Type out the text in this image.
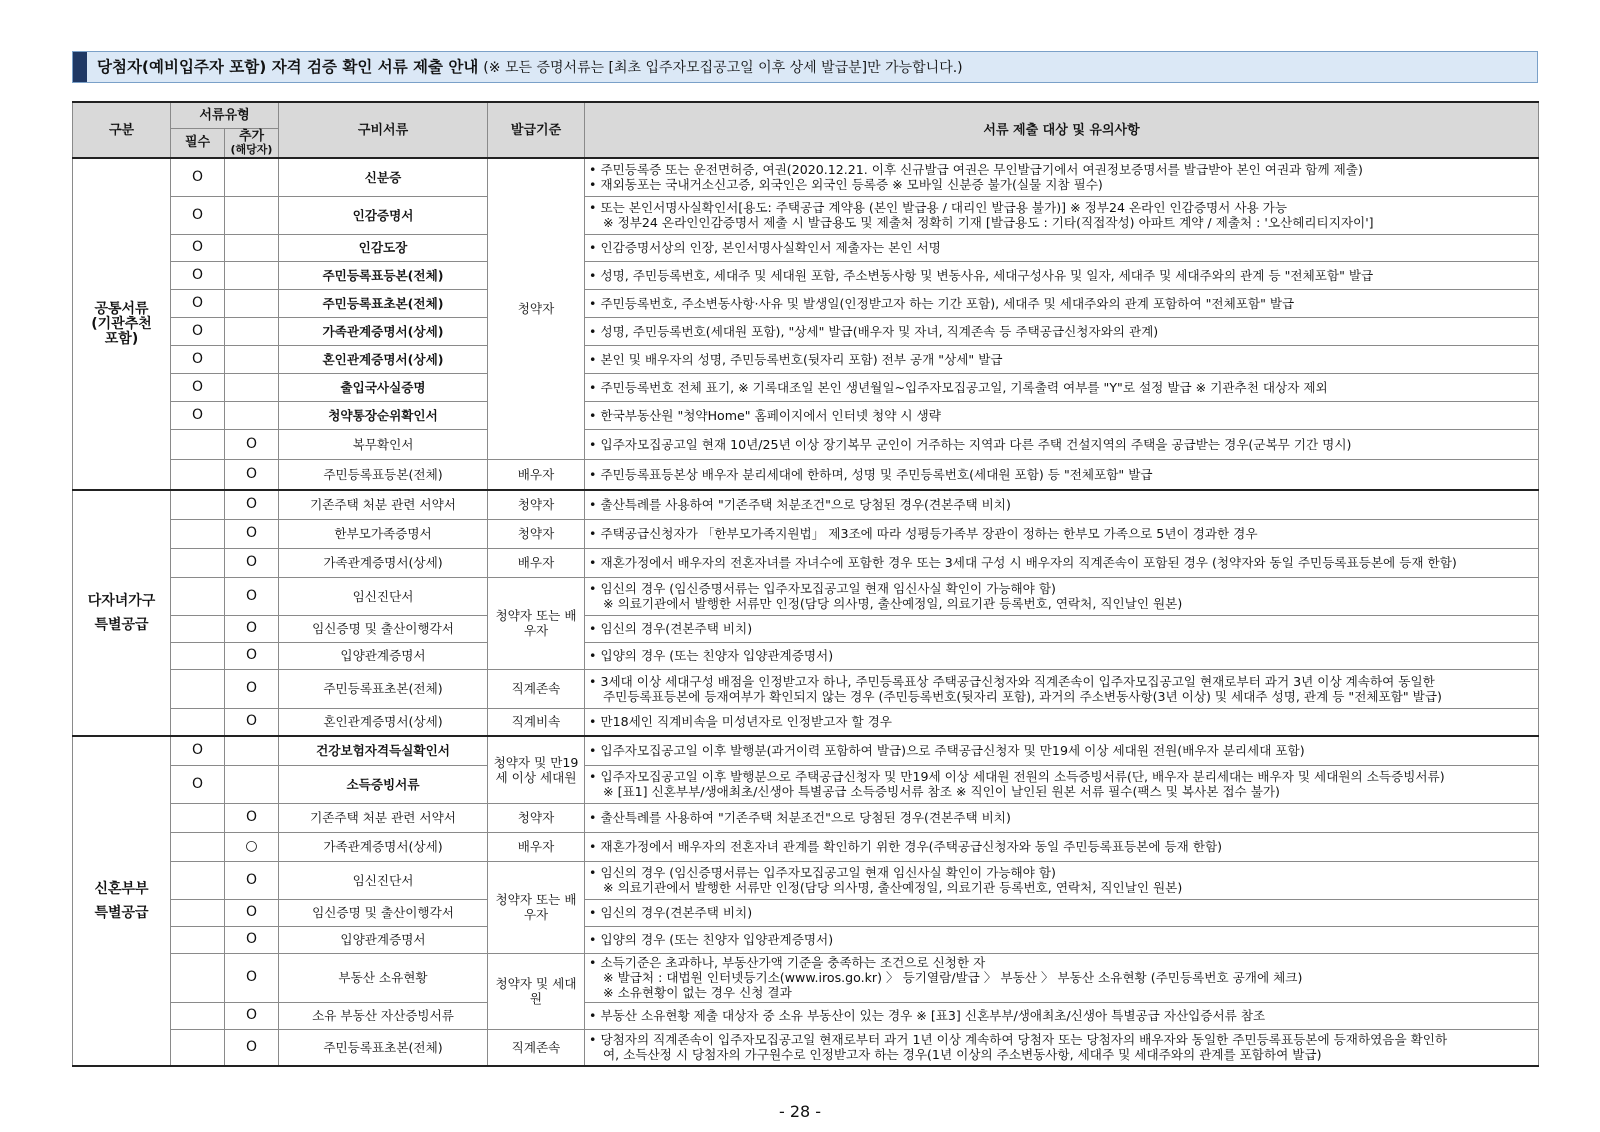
당첨자(예비입주자 포함) 자격 검증 확인 서류 제출 안내 (※ 모든 증명서류는 [최초 입주자모집공고일 이후 상세 발급분]만 가능합니다.)
구분	서류유형		구비서류	발급기준	서류 제출 대상 및 유의사항
	필수	추가
(해당자)			

공통서류
(기관추천
포함)	O		신분증	청약자	• 주민등록증 또는 운전면허증, 여권(2020.12.21. 이후 신규발급 여권은 무인발급기에서 여권정보증명서를 발급받아 본인 여권과 함께 제출)
• 재외동포는 국내거소신고증, 외국인은 외국인 등록증 ※ 모바일 신분증 불가(실물 지참 필수)

	O		인감증명서		• 또는 본인서명사실확인서[용도: 주택공급 계약용 (본인 발급용 / 대리인 발급용 불가)] ※ 정부24 온라인 인감증명서 사용 가능
※ 정부24 온라인인감증명서 제출 시 발급용도 및 제출처 정확히 기재 [발급용도 : 기타(직접작성) 아파트 계약 / 제출처 : '오산헤리티지자이']

	O		인감도장		• 인감증명서상의 인장, 본인서명사실확인서 제출자는 본인 서명

	O		주민등록표등본(전체)		• 성명, 주민등록번호, 세대주 및 세대원 포함, 주소변동사항 및 변동사유, 세대구성사유 및 일자, 세대주 및 세대주와의 관계 등 "전체포함" 발급

	O		주민등록표초본(전체)		• 주민등록번호, 주소변동사항·사유 및 발생일(인정받고자 하는 기간 포함), 세대주 및 세대주와의 관계 포함하여 "전체포함" 발급

	O		가족관계증명서(상세)		• 성명, 주민등록번호(세대원 포함), "상세" 발급(배우자 및 자녀, 직계존속 등 주택공급신청자와의 관계)

	O		혼인관계증명서(상세)		• 본인 및 배우자의 성명, 주민등록번호(뒷자리 포함) 전부 공개 "상세" 발급

	O		출입국사실증명		• 주민등록번호 전체 표기, ※ 기록대조일 본인 생년월일~입주자모집공고일, 기록출력 여부를 "Y"로 설정 발급 ※ 기관추천 대상자 제외

	O		청약통장순위확인서		• 한국부동산원 "청약Home" 홈페이지에서 인터넷 청약 시 생략

		O	복무확인서		• 입주자모집공고일 현재 10년/25년 이상 장기복무 군인이 거주하는 지역과 다른 주택 건설지역의 주택을 공급받는 경우(군복무 기간 명시)

		O	주민등록표등본(전체)	배우자	• 주민등록표등본상 배우자 분리세대에 한하며, 성명 및 주민등록번호(세대원 포함) 등 "전체포함" 발급

다자녀가구
특별공급		O	기존주택 처분 관련 서약서	청약자	• 출산특례를 사용하여 "기존주택 처분조건"으로 당첨된 경우(견본주택 비치)

		O	한부모가족증명서	청약자	• 주택공급신청자가 「한부모가족지원법」 제3조에 따라 성평등가족부 장관이 정하는 한부모 가족으로 5년이 경과한 경우

		O	가족관계증명서(상세)	배우자	• 재혼가정에서 배우자의 전혼자녀를 자녀수에 포함한 경우 또는 3세대 구성 시 배우자의 직계존속이 포함된 경우 (청약자와 동일 주민등록표등본에 등재 한함)

		O	임신진단서	청약자 또는 배우자	• 임신의 경우 (임신증명서류는 입주자모집공고일 현재 임신사실 확인이 가능해야 함)
※ 의료기관에서 발행한 서류만 인정(담당 의사명, 출산예정일, 의료기관 등록번호, 연락처, 직인날인 원본)

		O	임신증명 및 출산이행각서		• 임신의 경우(견본주택 비치)

		O	입양관계증명서		• 입양의 경우 (또는 친양자 입양관계증명서)

		O	주민등록표초본(전체)	직계존속	• 3세대 이상 세대구성 배점을 인정받고자 하나, 주민등록표상 주택공급신청자와 직계존속이 입주자모집공고일 현재로부터 과거 3년 이상 계속하여 동일한
주민등록표등본에 등재여부가 확인되지 않는 경우 (주민등록번호(뒷자리 포함), 과거의 주소변동사항(3년 이상) 및 세대주 성명, 관계 등 "전체포함" 발급)

		O	혼인관계증명서(상세)	직계비속	• 만18세인 직계비속을 미성년자로 인정받고자 할 경우

신혼부부
특별공급	O		건강보험자격득실확인서	청약자 및 만19세 이상 세대원	• 입주자모집공고일 이후 발행분(과거이력 포함하여 발급)으로 주택공급신청자 및 만19세 이상 세대원 전원(배우자 분리세대 포함)

	O		소득증빙서류		• 입주자모집공고일 이후 발행분으로 주택공급신청자 및 만19세 이상 세대원 전원의 소득증빙서류(단, 배우자 분리세대는 배우자 및 세대원의 소득증빙서류)
※ [표1] 신혼부부/생애최초/신생아 특별공급 소득증빙서류 참조 ※ 직인이 날인된 원본 서류 필수(팩스 및 복사본 접수 불가)

		O	기존주택 처분 관련 서약서	청약자	• 출산특례를 사용하여 "기존주택 처분조건"으로 당첨된 경우(견본주택 비치)

		○	가족관계증명서(상세)	배우자	• 재혼가정에서 배우자의 전혼자녀 관계를 확인하기 위한 경우(주택공급신청자와 동일 주민등록표등본에 등재 한함)

		O	임신진단서	청약자 또는 배우자	• 임신의 경우 (임신증명서류는 입주자모집공고일 현재 임신사실 확인이 가능해야 함)
※ 의료기관에서 발행한 서류만 인정(담당 의사명, 출산예정일, 의료기관 등록번호, 연락처, 직인날인 원본)

		O	임신증명 및 출산이행각서		• 임신의 경우(견본주택 비치)

		O	입양관계증명서		• 입양의 경우 (또는 친양자 입양관계증명서)

		O	부동산 소유현황	청약자 및 세대원	• 소득기준은 초과하나, 부동산가액 기준을 충족하는 조건으로 신청한 자
※ 발급처 : 대법원 인터넷등기소(www.iros.go.kr) 〉 등기열람/발급 〉 부동산 〉 부동산 소유현황 (주민등록번호 공개에 체크)
※ 소유현황이 없는 경우 신청 결과

		O	소유 부동산 자산증빙서류		• 부동산 소유현황 제출 대상자 중 소유 부동산이 있는 경우 ※ [표3] 신혼부부/생애최초/신생아 특별공급 자산입증서류 참조

		O	주민등록표초본(전체)	직계존속	• 당첨자의 직계존속이 입주자모집공고일 현재로부터 과거 1년 이상 계속하여 당첨자 또는 당첨자의 배우자와 동일한 주민등록표등본에 등재하였음을 확인하
여, 소득산정 시 당첨자의 가구원수로 인정받고자 하는 경우(1년 이상의 주소변동사항, 세대주 및 세대주와의 관계를 포함하여 발급)
- 28 -
